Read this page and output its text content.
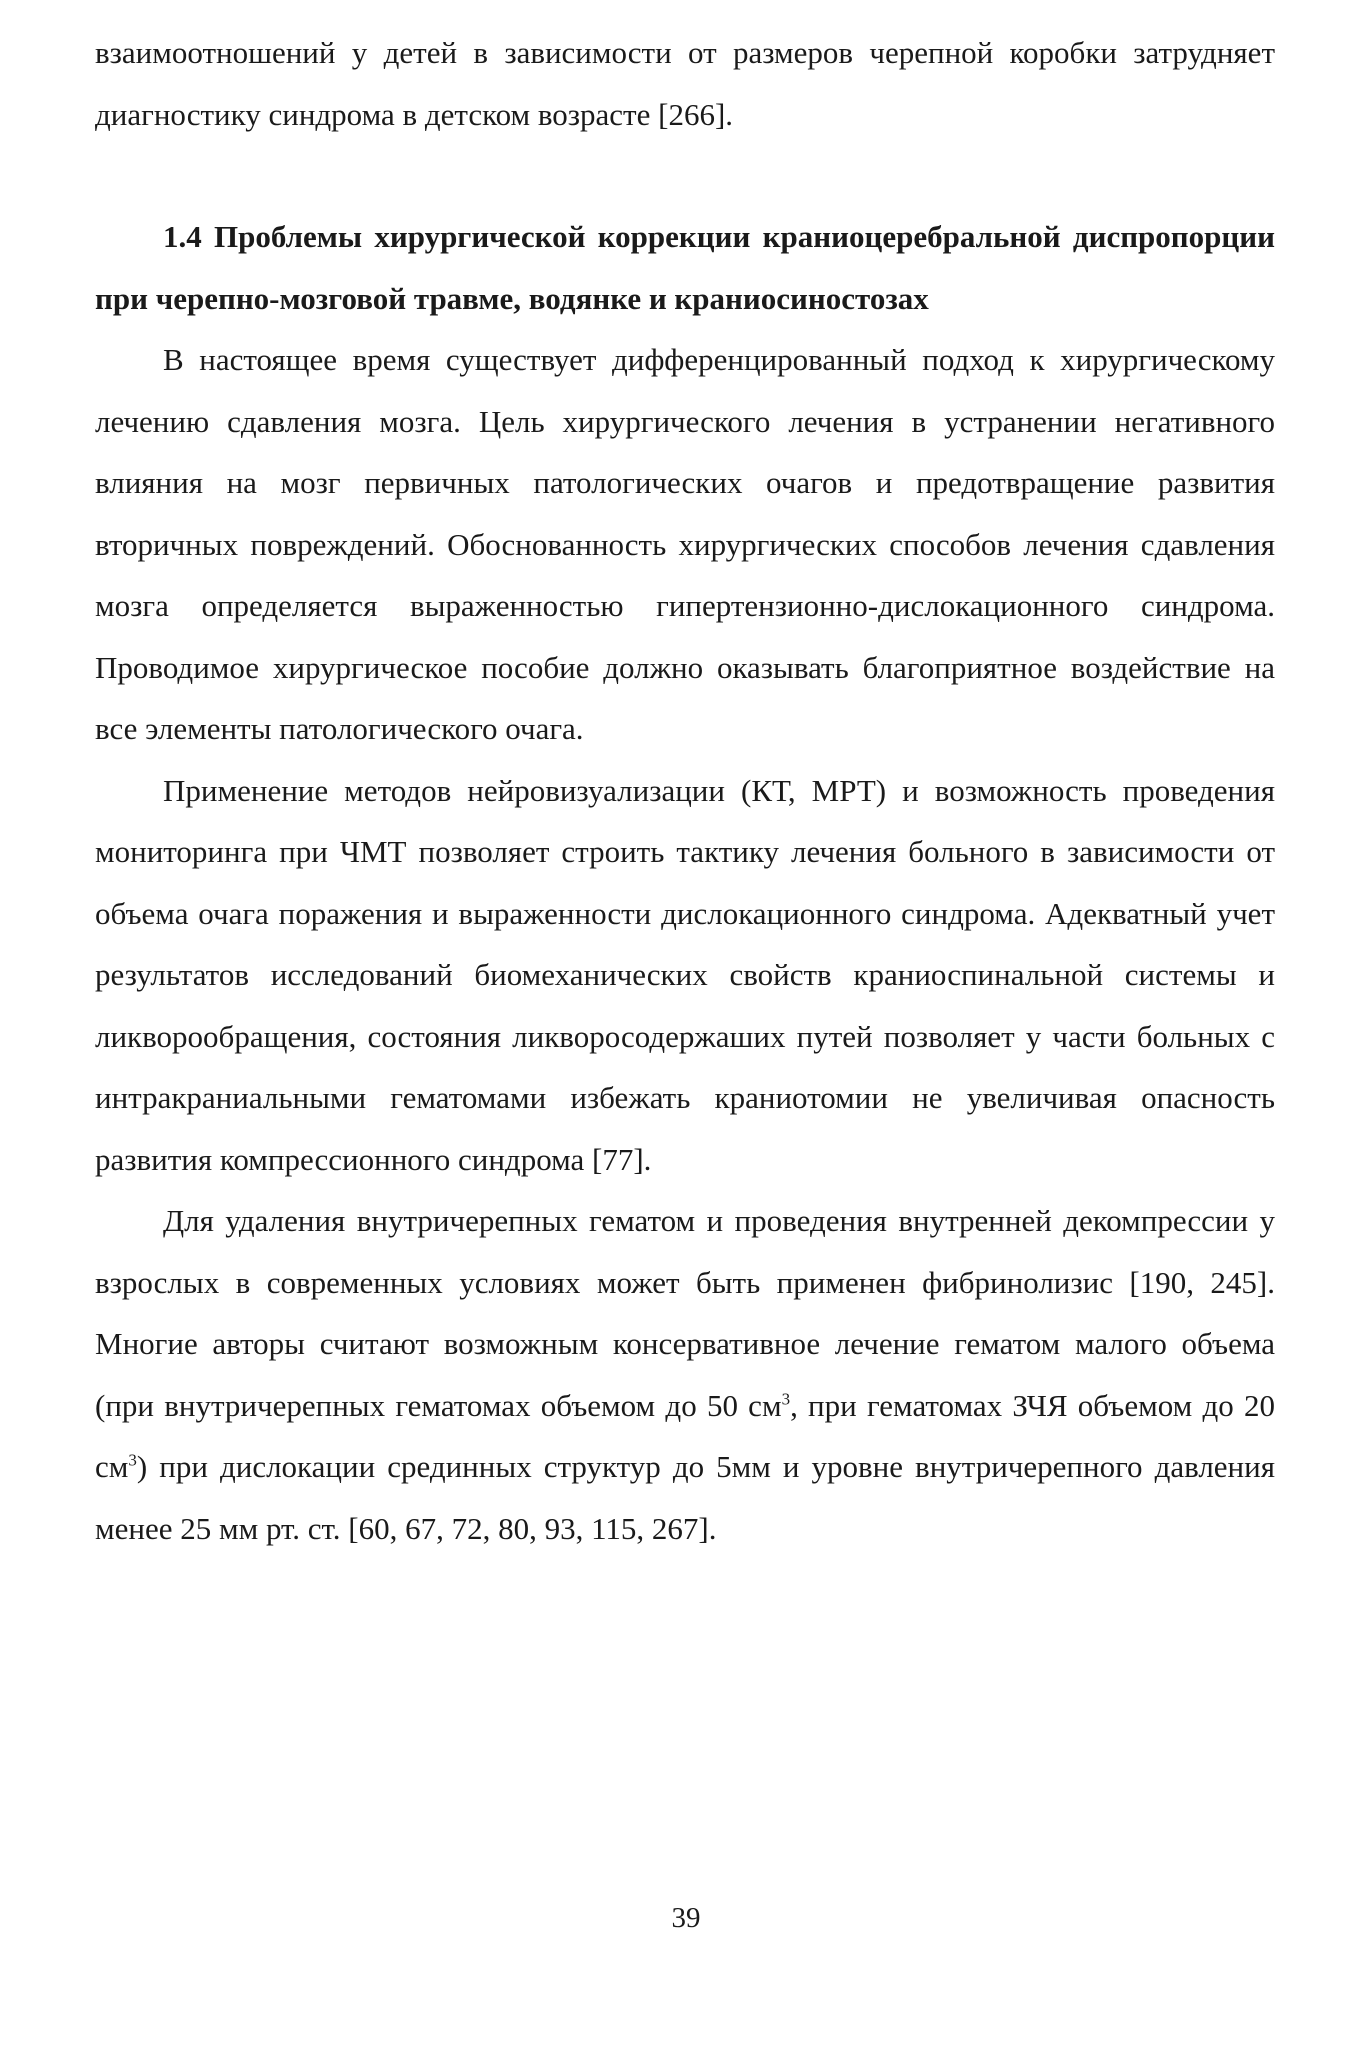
взаимоотношений у детей в зависимости от размеров черепной коробки затрудняет диагностику синдрома в детском возрасте [266].

1.4 Проблемы хирургической коррекции краниоцеребральной диспропорции при черепно-мозговой травме, водянке и краниосиностозах

В настоящее время существует дифференцированный подход к хирургическому лечению сдавления мозга. Цель хирургического лечения в устранении негативного влияния на мозг первичных патологических очагов и предотвращение развития вторичных повреждений. Обоснованность хирургических способов лечения сдавления мозга определяется выраженностью гипертензионно-дислокационного синдрома. Проводимое хирургическое пособие должно оказывать благоприятное воздействие на все элементы патологического очага.

Применение методов нейровизуализации (КТ, МРТ) и возможность проведения мониторинга при ЧМТ позволяет строить тактику лечения больного в зависимости от объема очага поражения и выраженности дислокационного синдрома. Адекватный учет результатов исследований биомеханических свойств краниоспинальной системы и ликворообращения, состояния ликворосодержаших путей позволяет у части больных с интракраниальными гематомами избежать краниотомии не увеличивая опасность развития компрессионного синдрома [77].

Для удаления внутричерепных гематом и проведения внутренней декомпрессии у взрослых в современных условиях может быть применен фибринолизис [190, 245]. Многие авторы считают возможным консервативное лечение гематом малого объема (при внутричерепных гематомах объемом до 50 $см^3$, при гематомах ЗЧЯ объемом до 20 $см^3$) при дислокации срединных структур до 5мм и уровне внутричерепного давления менее 25 мм рт. ст. [60, 67, 72, 80, 93, 115, 267].

39
